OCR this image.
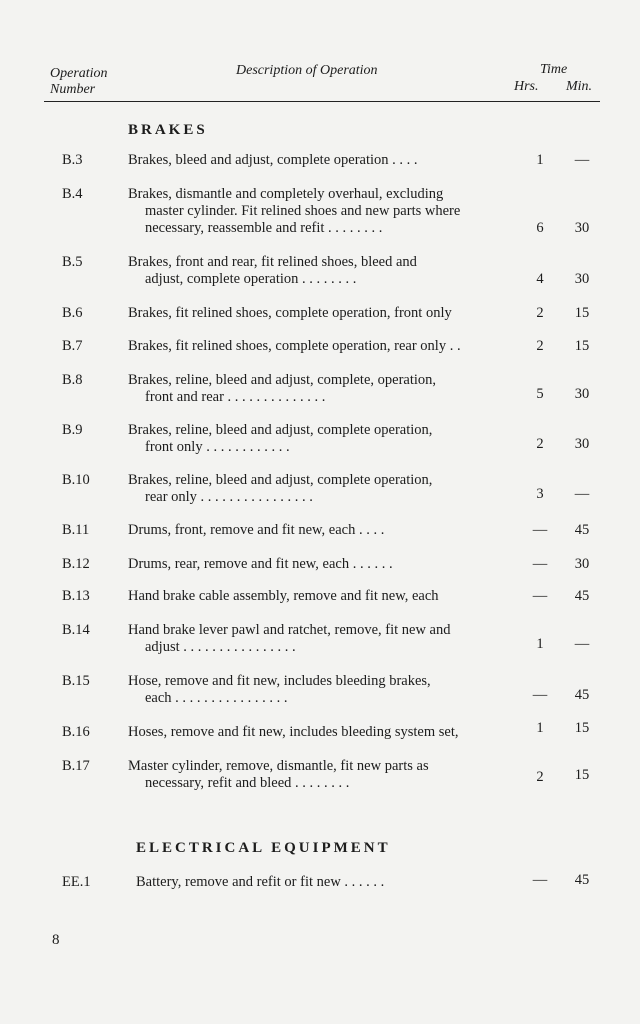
Operation
Number
Description of Operation	Time
Hrs. Min.
BRAKES
B.3	Brakes, bleed and adjust, complete operation . . . .	1	—
B.4	Brakes, dismantle and completely overhaul, excluding
master cylinder. Fit relined shoes and new parts where
necessary, reassemble and refit . . . . . . . .	6	30
B.5	Brakes, front and rear, fit relined shoes, bleed and
adjust, complete operation . . . . . . . .	4	30
B.6	Brakes, fit relined shoes, complete operation, front only	2	15
B.7	Brakes, fit relined shoes, complete operation, rear only . .	2	15
B.8	Brakes, reline, bleed and adjust, complete, operation,
front and rear . . . . . . . . . . . . . .	5	30
B.9	Brakes, reline, bleed and adjust, complete operation,
front only . . . . . . . . . . . .	2	30
B.10	Brakes, reline, bleed and adjust, complete operation,
rear only . . . . . . . . . . . . . . . .	3	—
B.11	Drums, front, remove and fit new, each . . . .	—	45
B.12	Drums, rear, remove and fit new, each . . . . . .	—	30
B.13	Hand brake cable assembly, remove and fit new, each	—	45
B.14	Hand brake lever pawl and ratchet, remove, fit new and
adjust . . . . . . . . . . . . . . . .	1	—
B.15	Hose, remove and fit new, includes bleeding brakes,
each . . . . . . . . . . . . . . . .	—	45
B.16	Hoses, remove and fit new, includes bleeding system set,	1	15
B.17	Master cylinder, remove, dismantle, fit new parts as
necessary, refit and bleed . . . . . . . .	2	15
ELECTRICAL EQUIPMENT
EE.1	Battery, remove and refit or fit new . . . . . .	—	45
8
